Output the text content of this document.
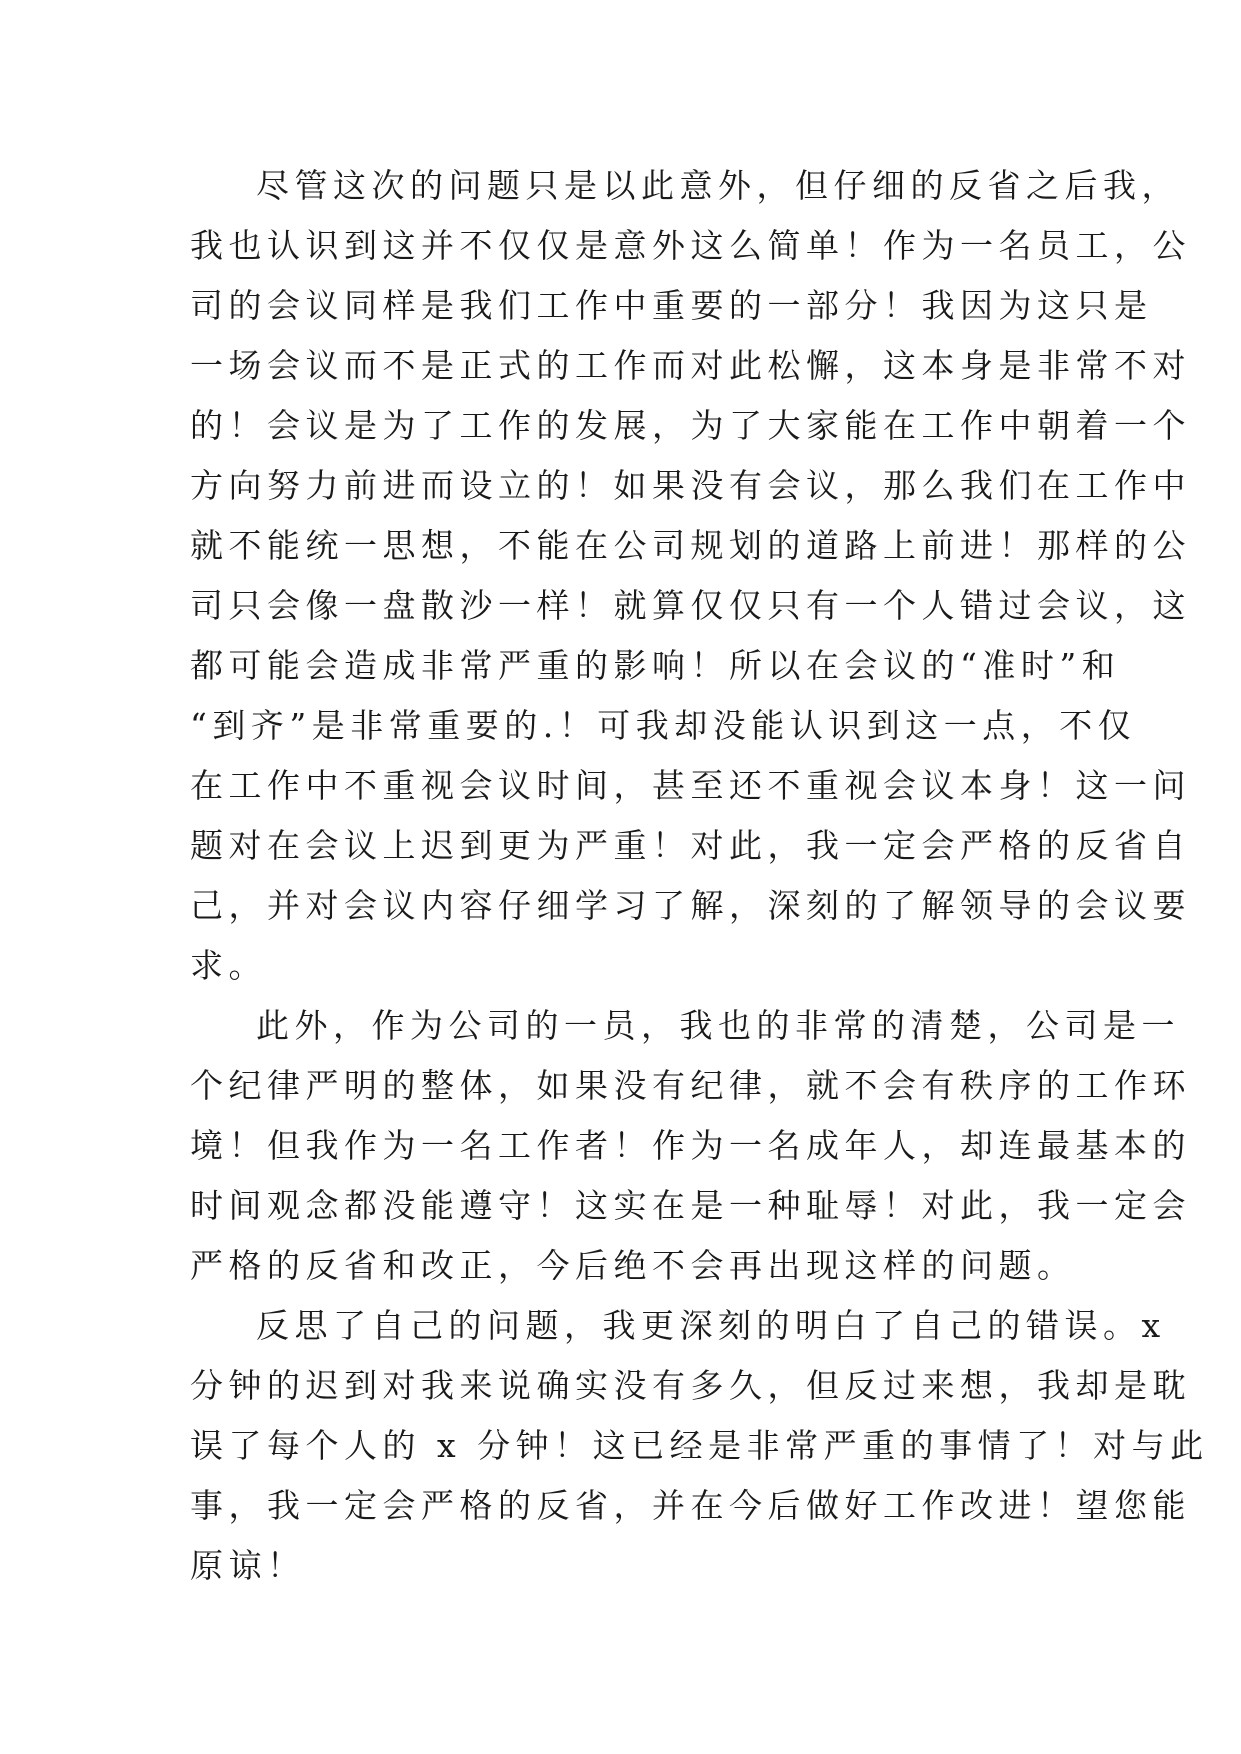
尽管这次的问题只是以此意外，但仔细的反省之后我，
我也认识到这并不仅仅是意外这么简单！作为一名员工，公
司的会议同样是我们工作中重要的一部分！我因为这只是
一场会议而不是正式的工作而对此松懈，这本身是非常不对
的！会议是为了工作的发展，为了大家能在工作中朝着一个
方向努力前进而设立的！如果没有会议，那么我们在工作中
就不能统一思想，不能在公司规划的道路上前进！那样的公
司只会像一盘散沙一样！就算仅仅只有一个人错过会议，这
都可能会造成非常严重的影响！所以在会议的“准时”和
“到齐”是非常重要的.！可我却没能认识到这一点，不仅
在工作中不重视会议时间，甚至还不重视会议本身！这一问
题对在会议上迟到更为严重！对此，我一定会严格的反省自
己，并对会议内容仔细学习了解，深刻的了解领导的会议要
求。
此外，作为公司的一员，我也的非常的清楚，公司是一
个纪律严明的整体，如果没有纪律，就不会有秩序的工作环
境！但我作为一名工作者！作为一名成年人，却连最基本的
时间观念都没能遵守！这实在是一种耻辱！对此，我一定会
严格的反省和改正，今后绝不会再出现这样的问题。
反思了自己的问题，我更深刻的明白了自己的错误。x
分钟的迟到对我来说确实没有多久，但反过来想，我却是耽
误了每个人的 x 分钟！这已经是非常严重的事情了！对与此
事，我一定会严格的反省，并在今后做好工作改进！望您能
原谅！
